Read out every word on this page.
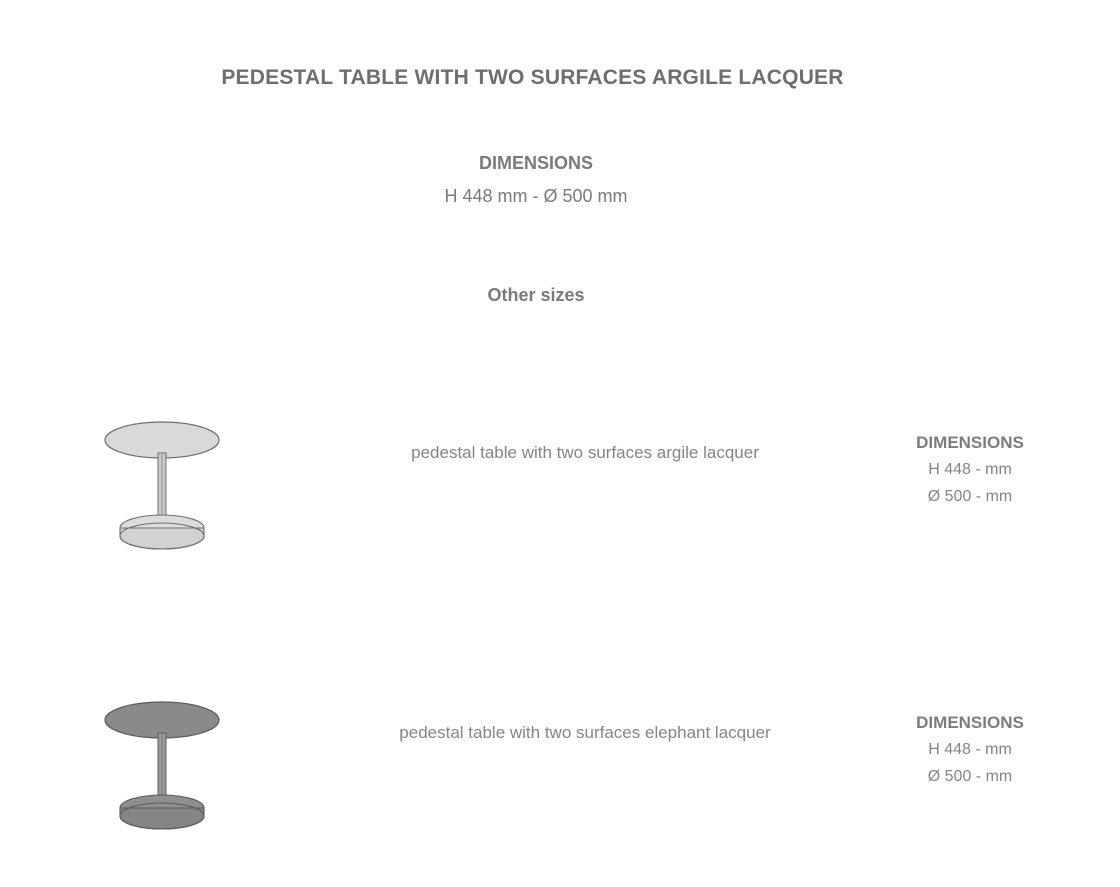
PEDESTAL TABLE WITH TWO SURFACES ARGILE LACQUER
DIMENSIONS
H 448 mm - Ø 500 mm
Other sizes
pedestal table with two surfaces argile lacquer
DIMENSIONS
H 448 - mm
Ø 500 - mm
pedestal table with two surfaces elephant lacquer
DIMENSIONS
H 448 - mm
Ø 500 - mm
